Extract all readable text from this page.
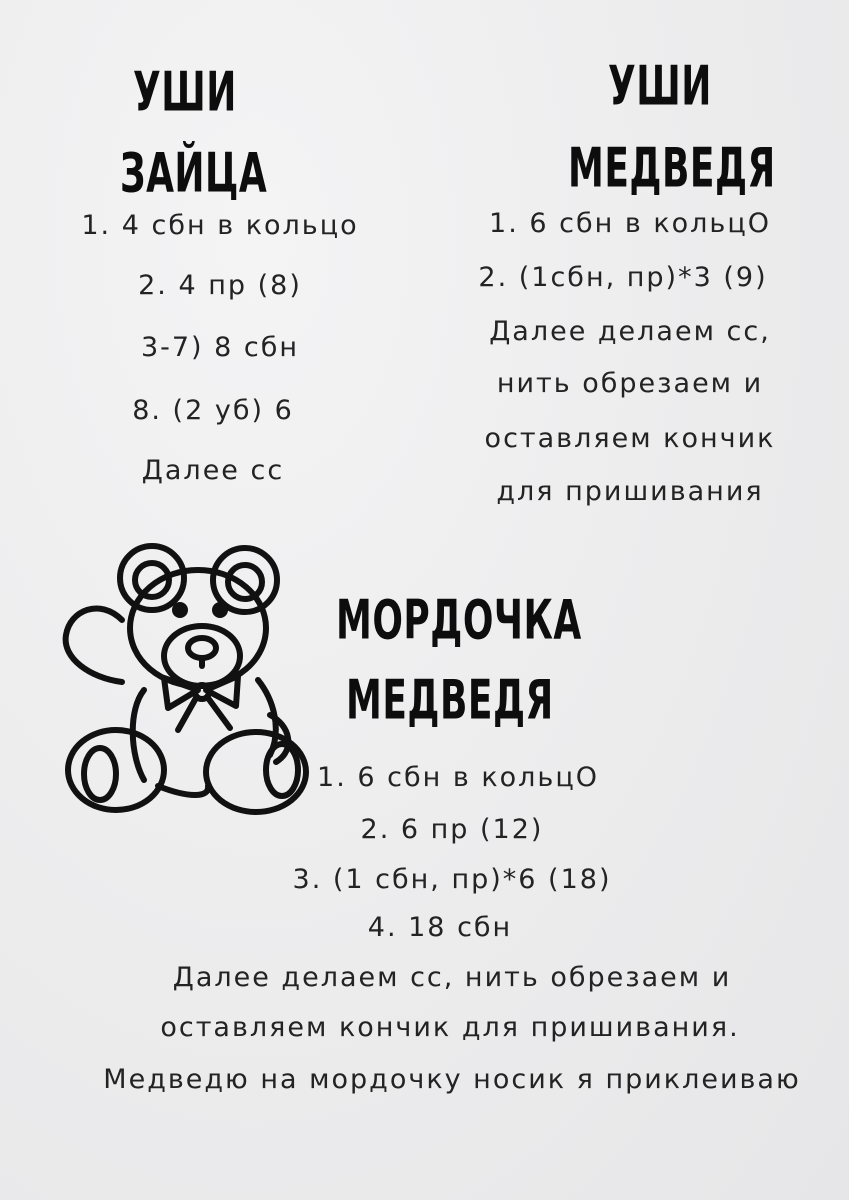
УШИ
ЗАЙЦА

1. 4 сбн в кольцо

2. 4 пр (8)

3-7) 8 сбн

8. (2 уб) 6

Далее сс

УШИ
МЕДВЕДЯ

1. 6 сбн в кольцО

2. (1сбн, пр)*3 (9)

Далее делаем сс,

нить обрезаем и

оставляем кончик

для пришивания

МОРДОЧКА
МЕДВЕДЯ

1. 6 сбн в кольцО

2. 6 пр (12)

3. (1 сбн, пр)*6 (18)

4. 18 сбн

Далее делаем сс, нить обрезаем и

оставляем кончик для пришивания.

Медведю на мордочку носик я приклеиваю
